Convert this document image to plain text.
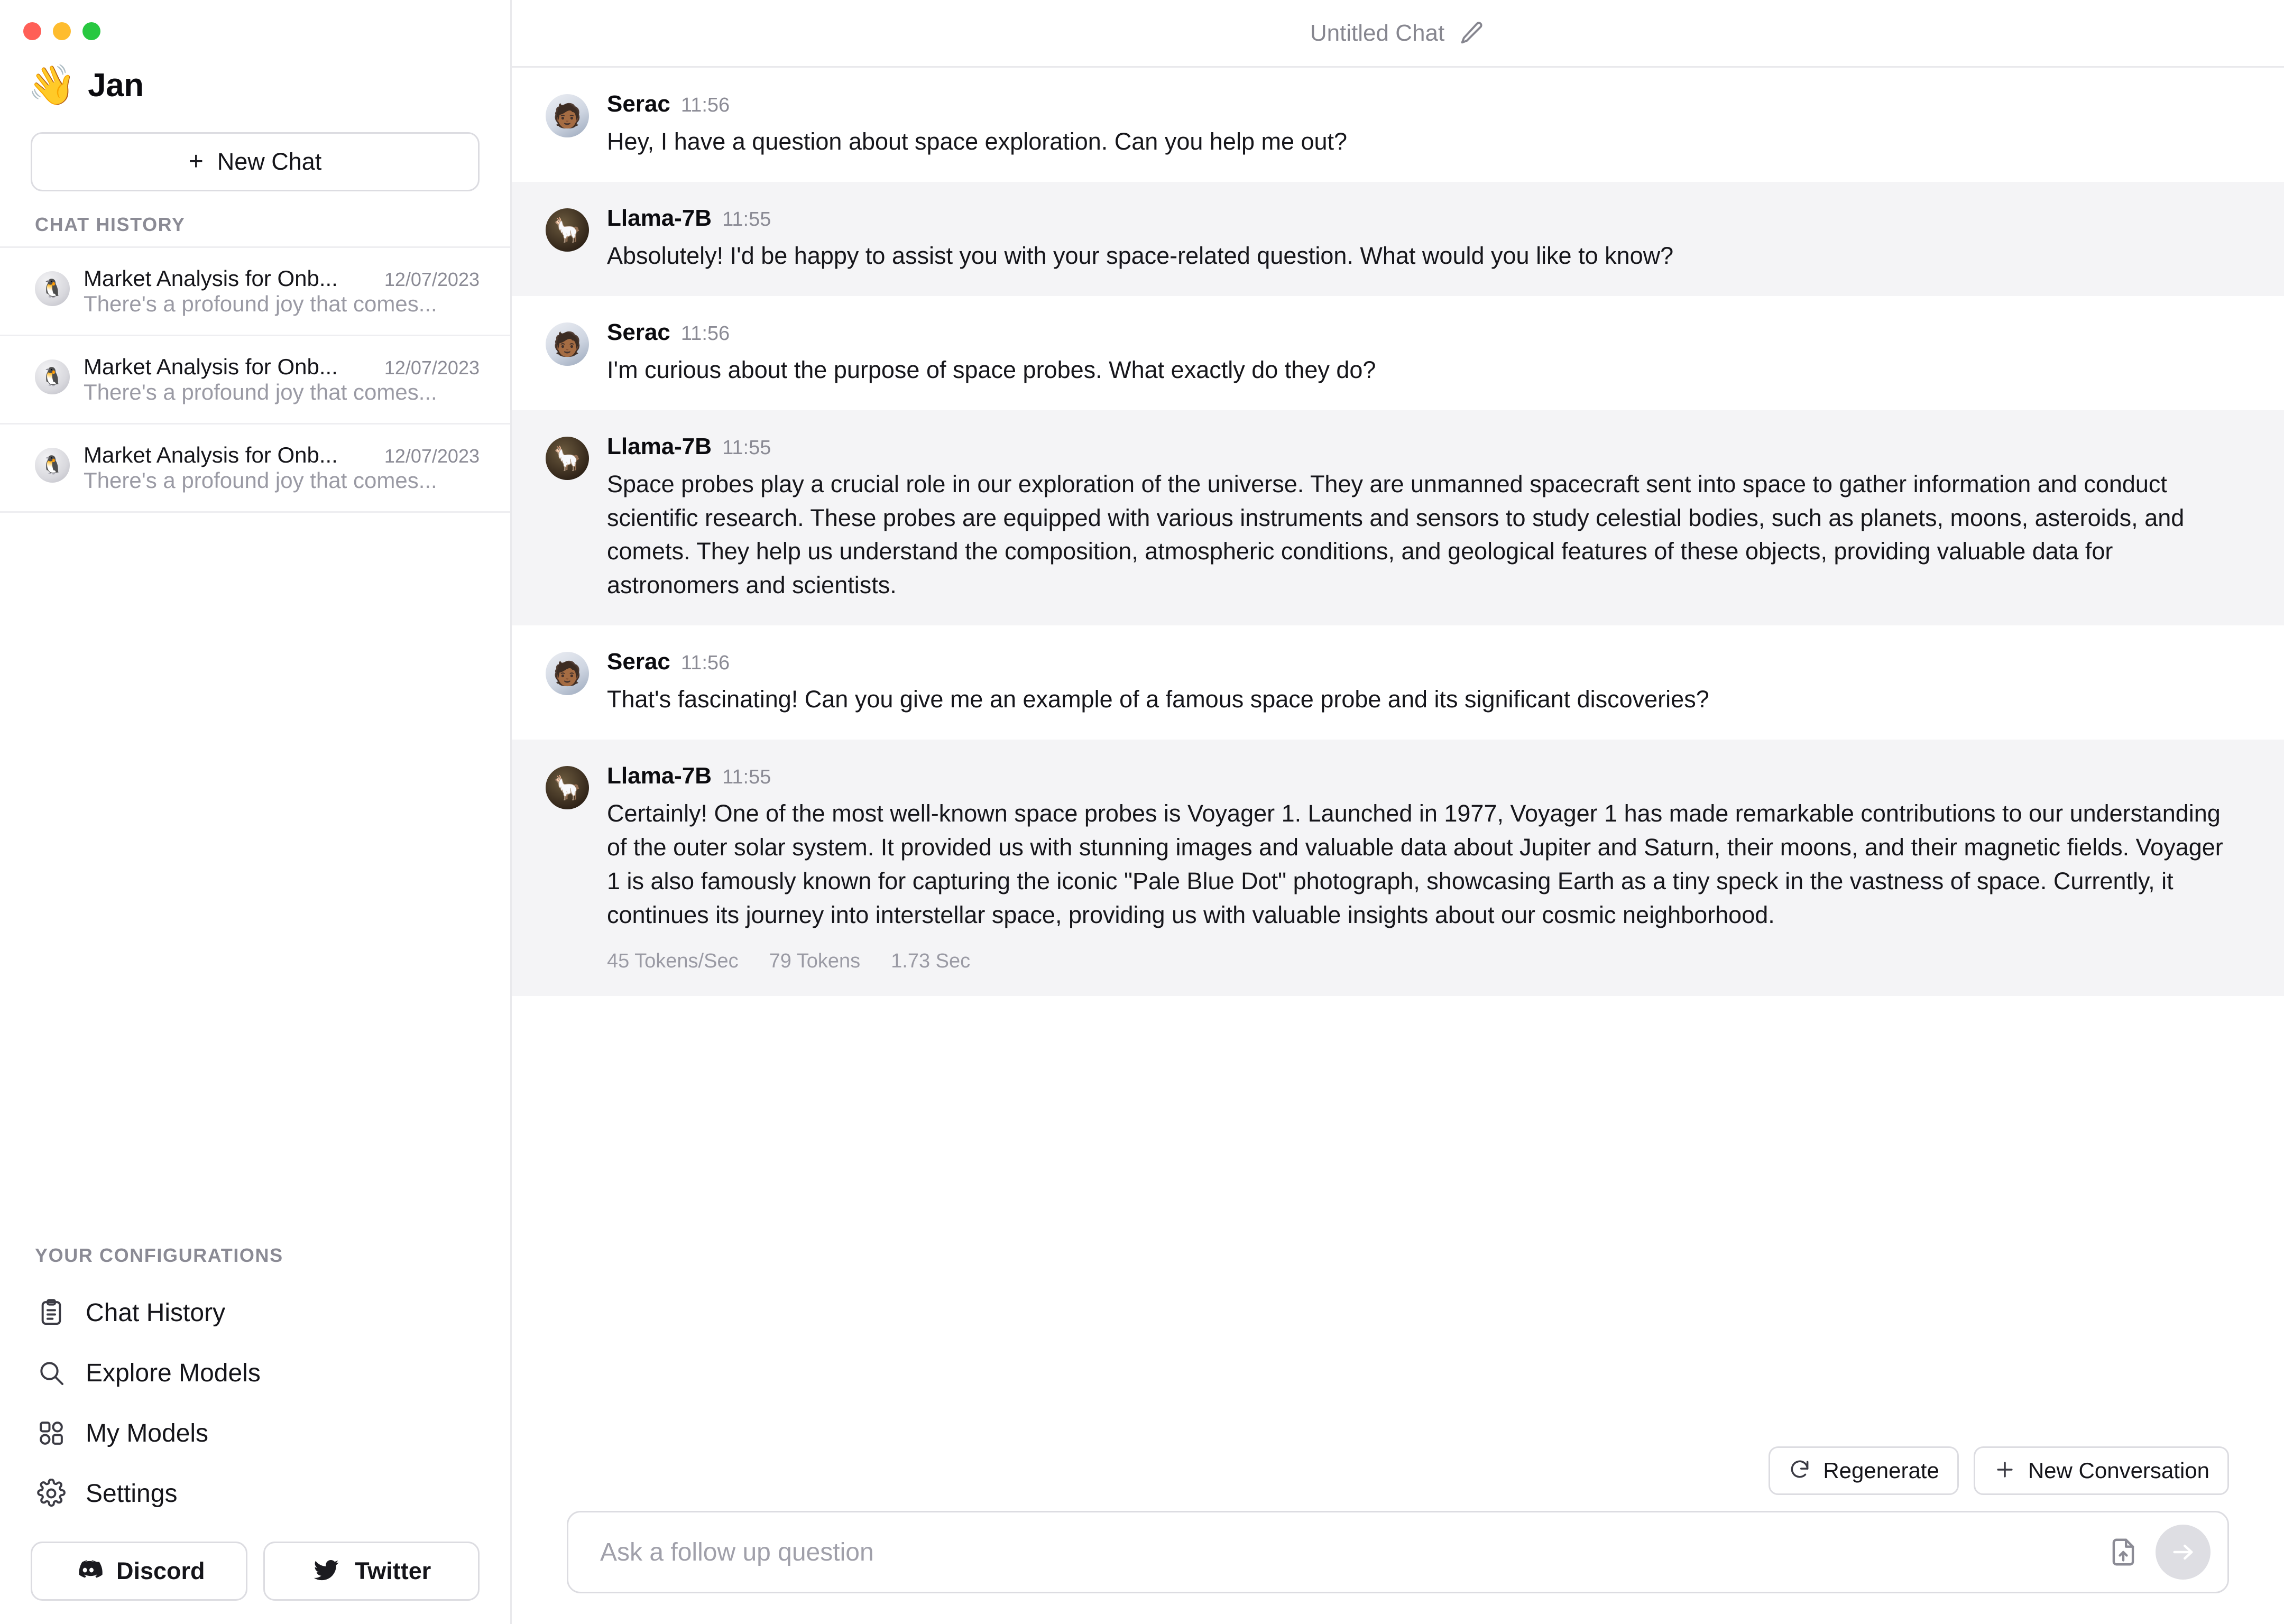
👋 Jan
+ New Chat
CHAT HISTORY
🐧 Market Analysis for Onb... 12/07/2023
There's a profound joy that comes...
🐧 Market Analysis for Onb... 12/07/2023
There's a profound joy that comes...
🐧 Market Analysis for Onb... 12/07/2023
There's a profound joy that comes...
YOUR CONFIGURATIONS
Chat History
Explore Models
My Models
Settings
Discord	Twitter
Untitled Chat
🧑🏾	Serac 11:56
Hey, I have a question about space exploration. Can you help me out?
🦙	Llama-7B 11:55
Absolutely! I'd be happy to assist you with your space-related question. What would you like to know?
🧑🏾	Serac 11:56
I'm curious about the purpose of space probes. What exactly do they do?
🦙	Llama-7B 11:55
Space probes play a crucial role in our exploration of the universe. They are unmanned spacecraft sent into space to gather information and conduct scientific research. These probes are equipped with various instruments and sensors to study celestial bodies, such as planets, moons, asteroids, and comets. They help us understand the composition, atmospheric conditions, and geological features of these objects, providing valuable data for astronomers and scientists.
🧑🏾	Serac 11:56
That's fascinating! Can you give me an example of a famous space probe and its significant discoveries?
🦙	Llama-7B 11:55
Certainly! One of the most well-known space probes is Voyager 1. Launched in 1977, Voyager 1 has made remarkable contributions to our understanding of the outer solar system. It provided us with stunning images and valuable data about Jupiter and Saturn, their moons, and their magnetic fields. Voyager 1 is also famously known for capturing the iconic "Pale Blue Dot" photograph, showcasing Earth as a tiny speck in the vastness of space. Currently, it continues its journey into interstellar space, providing us with valuable insights about our cosmic neighborhood.
45 Tokens/Sec 79 Tokens 1.73 Sec
Regenerate	New Conversation
Ask a follow up question
